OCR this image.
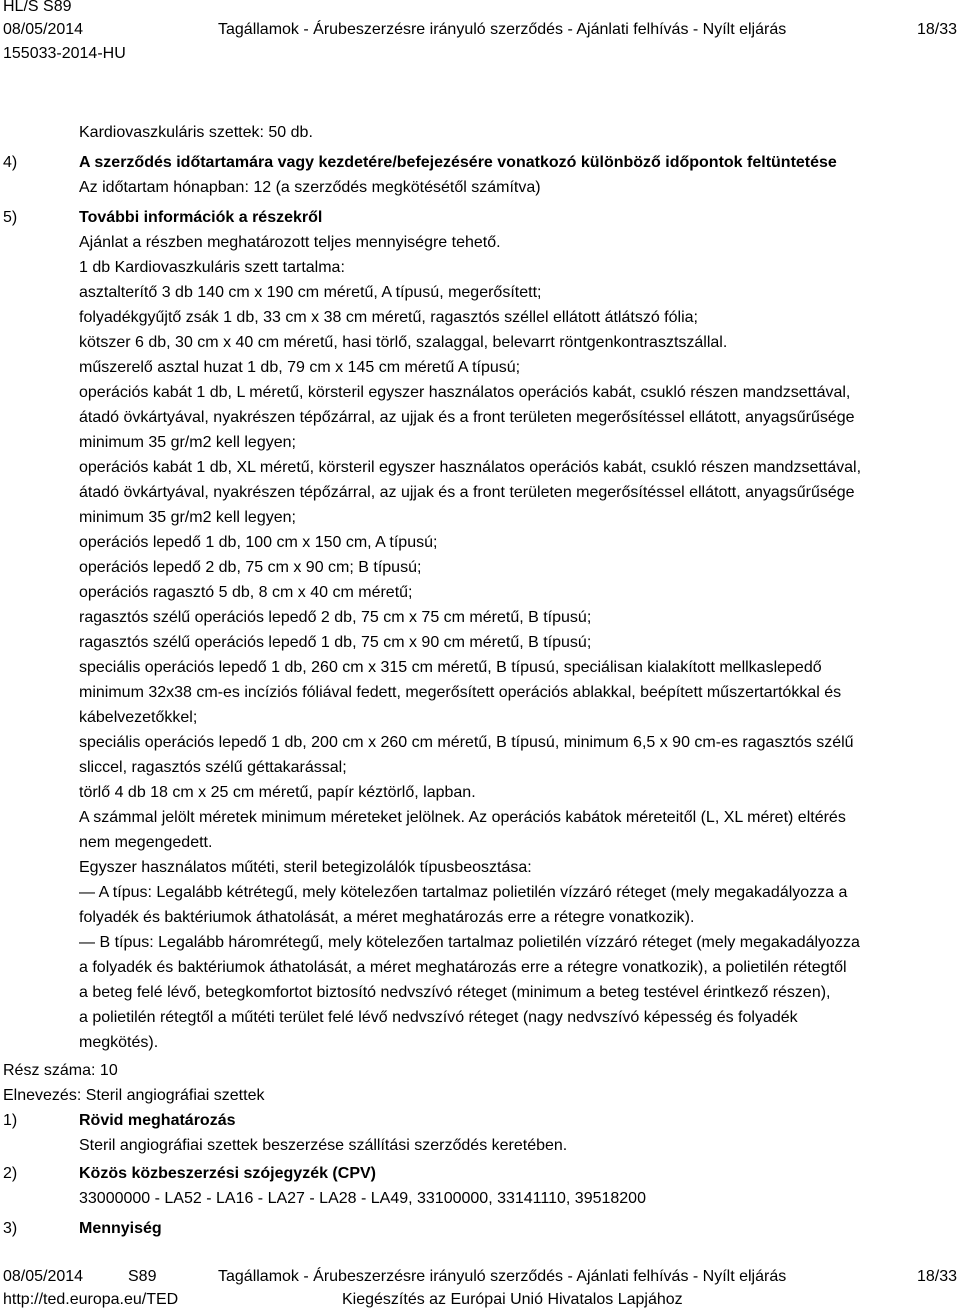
HL/S S89
08/05/2014	Tagállamok - Árubeszerzésre irányuló szerződés - Ajánlati felhívás - Nyílt eljárás	18/33
155033-2014-HU
Kardiovaszkuláris szettek: 50 db.
4)	A szerződés időtartamára vagy kezdetére/befejezésére vonatkozó különböző időpontok feltüntetése
Az időtartam hónapban: 12 (a szerződés megkötésétől számítva)
5)	További információk a részekről
Ajánlat a részben meghatározott teljes mennyiségre tehető.
1 db Kardiovaszkuláris szett tartalma:
asztalterítő 3 db 140 cm x 190 cm méretű, A típusú, megerősített;
folyadékgyűjtő zsák 1 db, 33 cm x 38 cm méretű, ragasztós széllel ellátott átlátszó fólia;
kötszer 6 db, 30 cm x 40 cm méretű, hasi törlő, szalaggal, belevarrt röntgenkontrasztszállal.
műszerelő asztal huzat 1 db, 79 cm x 145 cm méretű A típusú;
operációs kabát 1 db, L méretű, körsteril egyszer használatos operációs kabát, csukló részen mandzsettával,
átadó övkártyával, nyakrészen tépőzárral, az ujjak és a front területen megerősítéssel ellátott, anyagsűrűsége
minimum 35 gr/m2 kell legyen;
operációs kabát 1 db, XL méretű, körsteril egyszer használatos operációs kabát, csukló részen mandzsettával,
átadó övkártyával, nyakrészen tépőzárral, az ujjak és a front területen megerősítéssel ellátott, anyagsűrűsége
minimum 35 gr/m2 kell legyen;
operációs lepedő 1 db, 100 cm x 150 cm, A típusú;
operációs lepedő 2 db, 75 cm x 90 cm; B típusú;
operációs ragasztó 5 db, 8 cm x 40 cm méretű;
ragasztós szélű operációs lepedő 2 db, 75 cm x 75 cm méretű, B típusú;
ragasztós szélű operációs lepedő 1 db, 75 cm x 90 cm méretű, B típusú;
speciális operációs lepedő 1 db, 260 cm x 315 cm méretű, B típusú, speciálisan kialakított mellkaslepedő
minimum 32x38 cm-es incíziós fóliával fedett, megerősített operációs ablakkal, beépített műszertartókkal és
kábelvezetőkkel;
speciális operációs lepedő 1 db, 200 cm x 260 cm méretű, B típusú, minimum 6,5 x 90 cm-es ragasztós szélű
sliccel, ragasztós szélű géttakarással;
törlő 4 db 18 cm x 25 cm méretű, papír kéztörlő, lapban.
A számmal jelölt méretek minimum méreteket jelölnek. Az operációs kabátok méreteitől (L, XL méret) eltérés
nem megengedett.
Egyszer használatos műtéti, steril betegizolálók típusbeosztása:
— A típus: Legalább kétrétegű, mely kötelezően tartalmaz polietilén vízzáró réteget (mely megakadályozza a
folyadék és baktériumok áthatolását, a méret meghatározás erre a rétegre vonatkozik).
— B típus: Legalább háromrétegű, mely kötelezően tartalmaz polietilén vízzáró réteget (mely megakadályozza
a folyadék és baktériumok áthatolását, a méret meghatározás erre a rétegre vonatkozik), a polietilén rétegtől
a beteg felé lévő, betegkomfortot biztosító nedvszívó réteget (minimum a beteg testével érintkező részen),
a polietilén rétegtől a műtéti terület felé lévő nedvszívó réteget (nagy nedvszívó képesség és folyadék
megkötés).
Rész száma: 10
Elnevezés: Steril angiográfiai szettek
1)	Rövid meghatározás
Steril angiográfiai szettek beszerzése szállítási szerződés keretében.
2)	Közös közbeszerzési szójegyzék (CPV)
33000000 - LA52 - LA16 - LA27 - LA28 - LA49, 33100000, 33141110, 39518200
3)	Mennyiség
08/05/2014	S89	Tagállamok - Árubeszerzésre irányuló szerződés - Ajánlati felhívás - Nyílt eljárás	18/33
http://ted.europa.eu/TED	Kiegészítés az Európai Unió Hivatalos Lapjához
